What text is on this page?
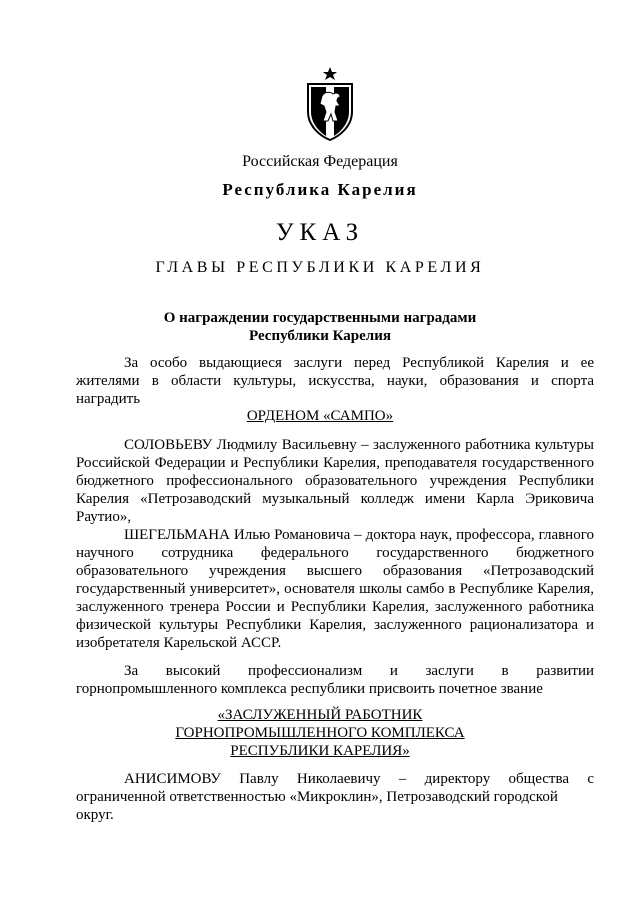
Российская Федерация
Республика Карелия
УКАЗ
ГЛАВЫ РЕСПУБЛИКИ КАРЕЛИЯ
О награждении государственными наградами
Республики Карелия

За особо выдающиеся заслуги перед Республикой Карелия и ее жителями в области культуры, искусства, науки, образования и спорта наградить

ОРДЕНОМ «САМПО»

СОЛОВЬЕВУ Людмилу Васильевну – заслуженного работника культуры Российской Федерации и Республики Карелия, преподавателя государственного бюджетного профессионального образовательного учреждения Республики Карелия «Петрозаводский музыкальный колледж имени Карла Эриковича Раутио»,

ШЕГЕЛЬМАНА Илью Романовича – доктора наук, профессора, главного научного сотрудника федерального государственного бюджетного образовательного учреждения высшего образования «Петрозаводский государственный университет», основателя школы самбо в Республике Карелия, заслуженного тренера России и Республики Карелия, заслуженного работника физической культуры Республики Карелия, заслуженного рационализатора и изобретателя Карельской АССР.

За высокий профессионализм и заслуги в развитии горнопромышленного комплекса республики присвоить почетное звание

«ЗАСЛУЖЕННЫЙ РАБОТНИК
ГОРНОПРОМЫШЛЕННОГО КОМПЛЕКСА
РЕСПУБЛИКИ КАРЕЛИЯ»

АНИСИМОВУ Павлу Николаевичу – директору общества с ограниченной ответственностью «Микроклин», Петрозаводский городской

округ.
